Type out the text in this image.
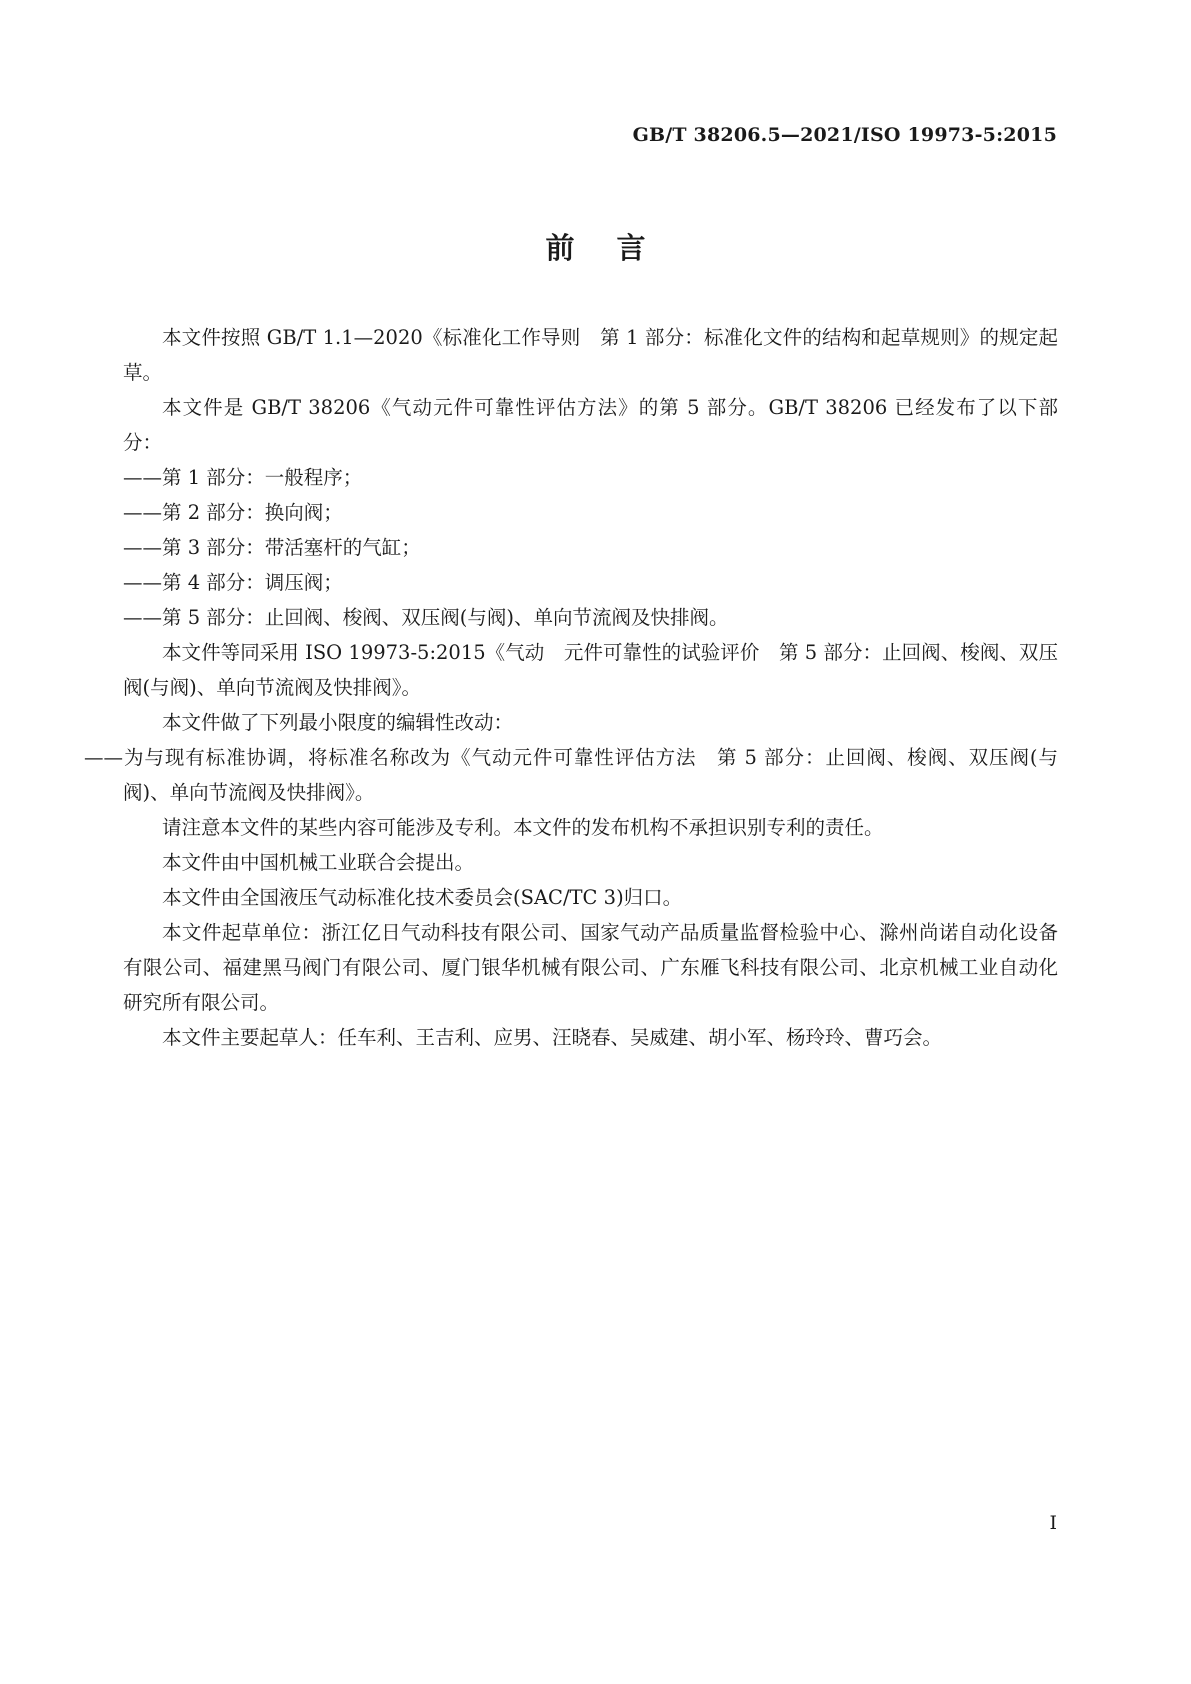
GB/T 38206.5—2021/ISO 19973-5:2015
前言

本文件按照 GB/T 1.1—2020《标准化工作导则　第 1 部分：标准化文件的结构和起草规则》的规定起草。

本文件是 GB/T 38206《气动元件可靠性评估方法》的第 5 部分。GB/T 38206 已经发布了以下部分：

——第 1 部分：一般程序；

——第 2 部分：换向阀；

——第 3 部分：带活塞杆的气缸；

——第 4 部分：调压阀；

——第 5 部分：止回阀、梭阀、双压阀(与阀)、单向节流阀及快排阀。

本文件等同采用 ISO 19973-5:2015《气动　元件可靠性的试验评价　第 5 部分：止回阀、梭阀、双压阀(与阀)、单向节流阀及快排阀》。

本文件做了下列最小限度的编辑性改动：

——为与现有标准协调，将标准名称改为《气动元件可靠性评估方法　第 5 部分：止回阀、梭阀、双压阀(与阀)、单向节流阀及快排阀》。

请注意本文件的某些内容可能涉及专利。本文件的发布机构不承担识别专利的责任。

本文件由中国机械工业联合会提出。

本文件由全国液压气动标准化技术委员会(SAC/TC 3)归口。

本文件起草单位：浙江亿日气动科技有限公司、国家气动产品质量监督检验中心、滁州尚诺自动化设备有限公司、福建黑马阀门有限公司、厦门银华机械有限公司、广东雁飞科技有限公司、北京机械工业自动化研究所有限公司。

本文件主要起草人：任车利、王吉利、应男、汪晓春、吴威建、胡小军、杨玲玲、曹巧会。

I
